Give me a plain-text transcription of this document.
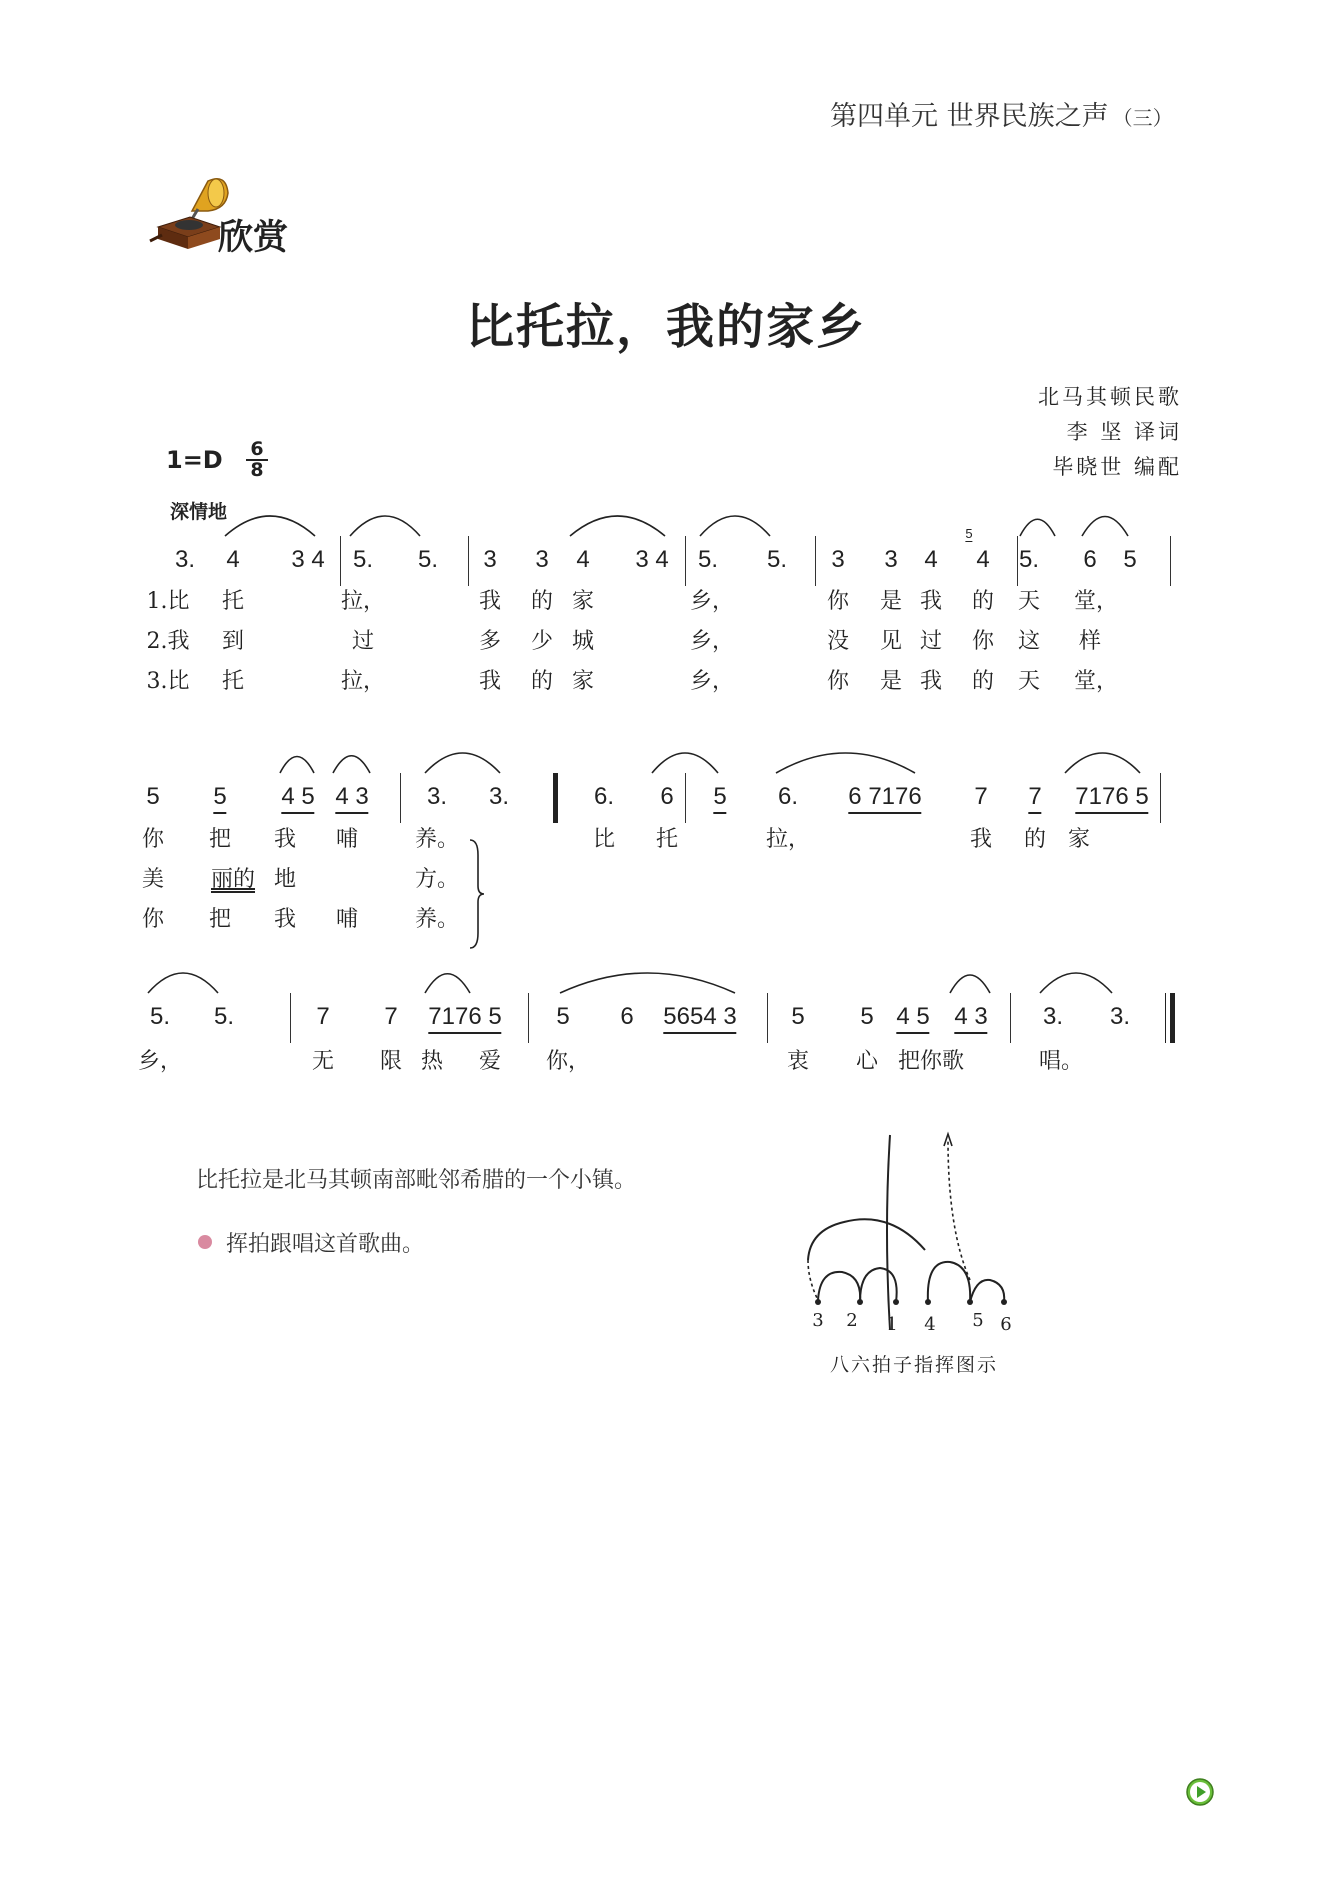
第四单元 世界民族之声 （三）
欣赏
比托拉，我的家乡
北马其顿民歌
李 坚 译词
毕晓世 编配
1=D 6
8
深情地
3. 4 3 4 5. 5. 3 3 4 3 4 5. 5. 3 3 4 4 5. 6 5
5
1.比 托	拉，	我 的 家	乡，	你 是 我 的 天 堂，
2.我 到	过	多 少 城	乡，	没 见 过 你 这 样
3.比 托	拉，	我 的 家	乡，	你 是 我 的 天 堂，
5 5 4 5 4 3 3. 3.	6. 6 5 6. 6 7176 7 7 7176 5
你 把 我 哺	养。	比 托	拉，	我 的 家
美 丽的 地	方。
你 把 我 哺	养。
5. 5.	7 7 7176 5 5 6 5654 3 5 5 4 5 4 3 3. 3.
乡，	无 限 热 爱 你，	衷 心 把你歌	唱。
比托拉是北马其顿南部毗邻希腊的一个小镇。
挥拍跟唱这首歌曲。
3 2 1 4 5 6
八六拍子指挥图示
